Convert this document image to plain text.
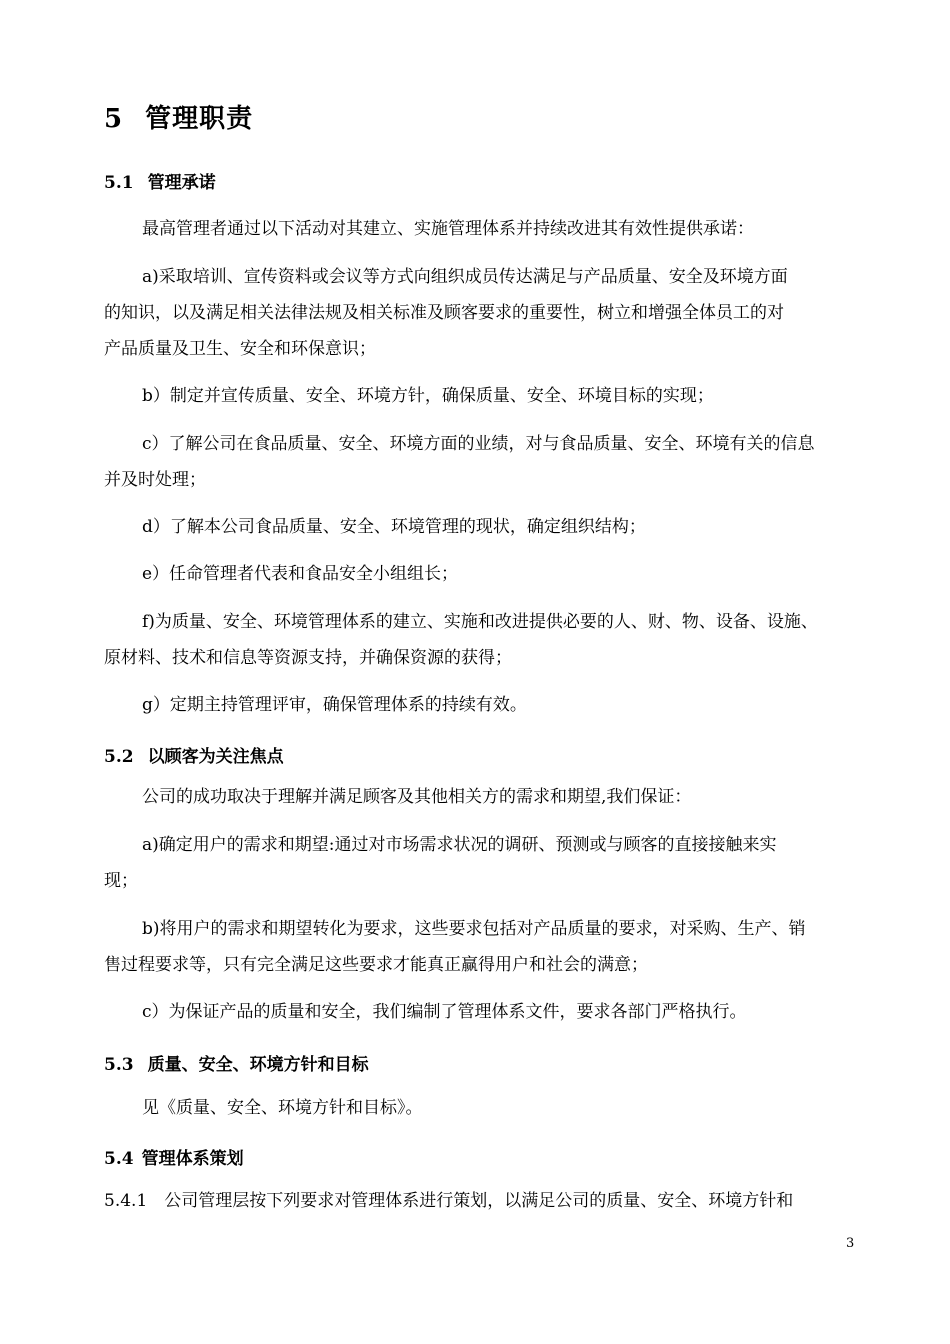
5 管理职责
5.1 管理承诺
最高管理者通过以下活动对其建立、实施管理体系并持续改进其有效性提供承诺：
a)采取培训、宣传资料或会议等方式向组织成员传达满足与产品质量、安全及环境方面
的知识，以及满足相关法律法规及相关标准及顾客要求的重要性，树立和增强全体员工的对
产品质量及卫生、安全和环保意识；
b）制定并宣传质量、安全、环境方针，确保质量、安全、环境目标的实现；
c）了解公司在食品质量、安全、环境方面的业绩，对与食品质量、安全、环境有关的信息
并及时处理；
d）了解本公司食品质量、安全、环境管理的现状，确定组织结构；
e）任命管理者代表和食品安全小组组长；
f)为质量、安全、环境管理体系的建立、实施和改进提供必要的人、财、物、设备、设施、
原材料、技术和信息等资源支持，并确保资源的获得；
g）定期主持管理评审，确保管理体系的持续有效。
5.2 以顾客为关注焦点
公司的成功取决于理解并满足顾客及其他相关方的需求和期望,我们保证：
a)确定用户的需求和期望:通过对市场需求状况的调研、预测或与顾客的直接接触来实
现；
b)将用户的需求和期望转化为要求，这些要求包括对产品质量的要求，对采购、生产、销
售过程要求等，只有完全满足这些要求才能真正赢得用户和社会的满意；
c）为保证产品的质量和安全，我们编制了管理体系文件，要求各部门严格执行。
5.3 质量、安全、环境方针和目标
见《质量、安全、环境方针和目标》。
5.4 管理体系策划
5.4.1　公司管理层按下列要求对管理体系进行策划，以满足公司的质量、安全、环境方针和
3
